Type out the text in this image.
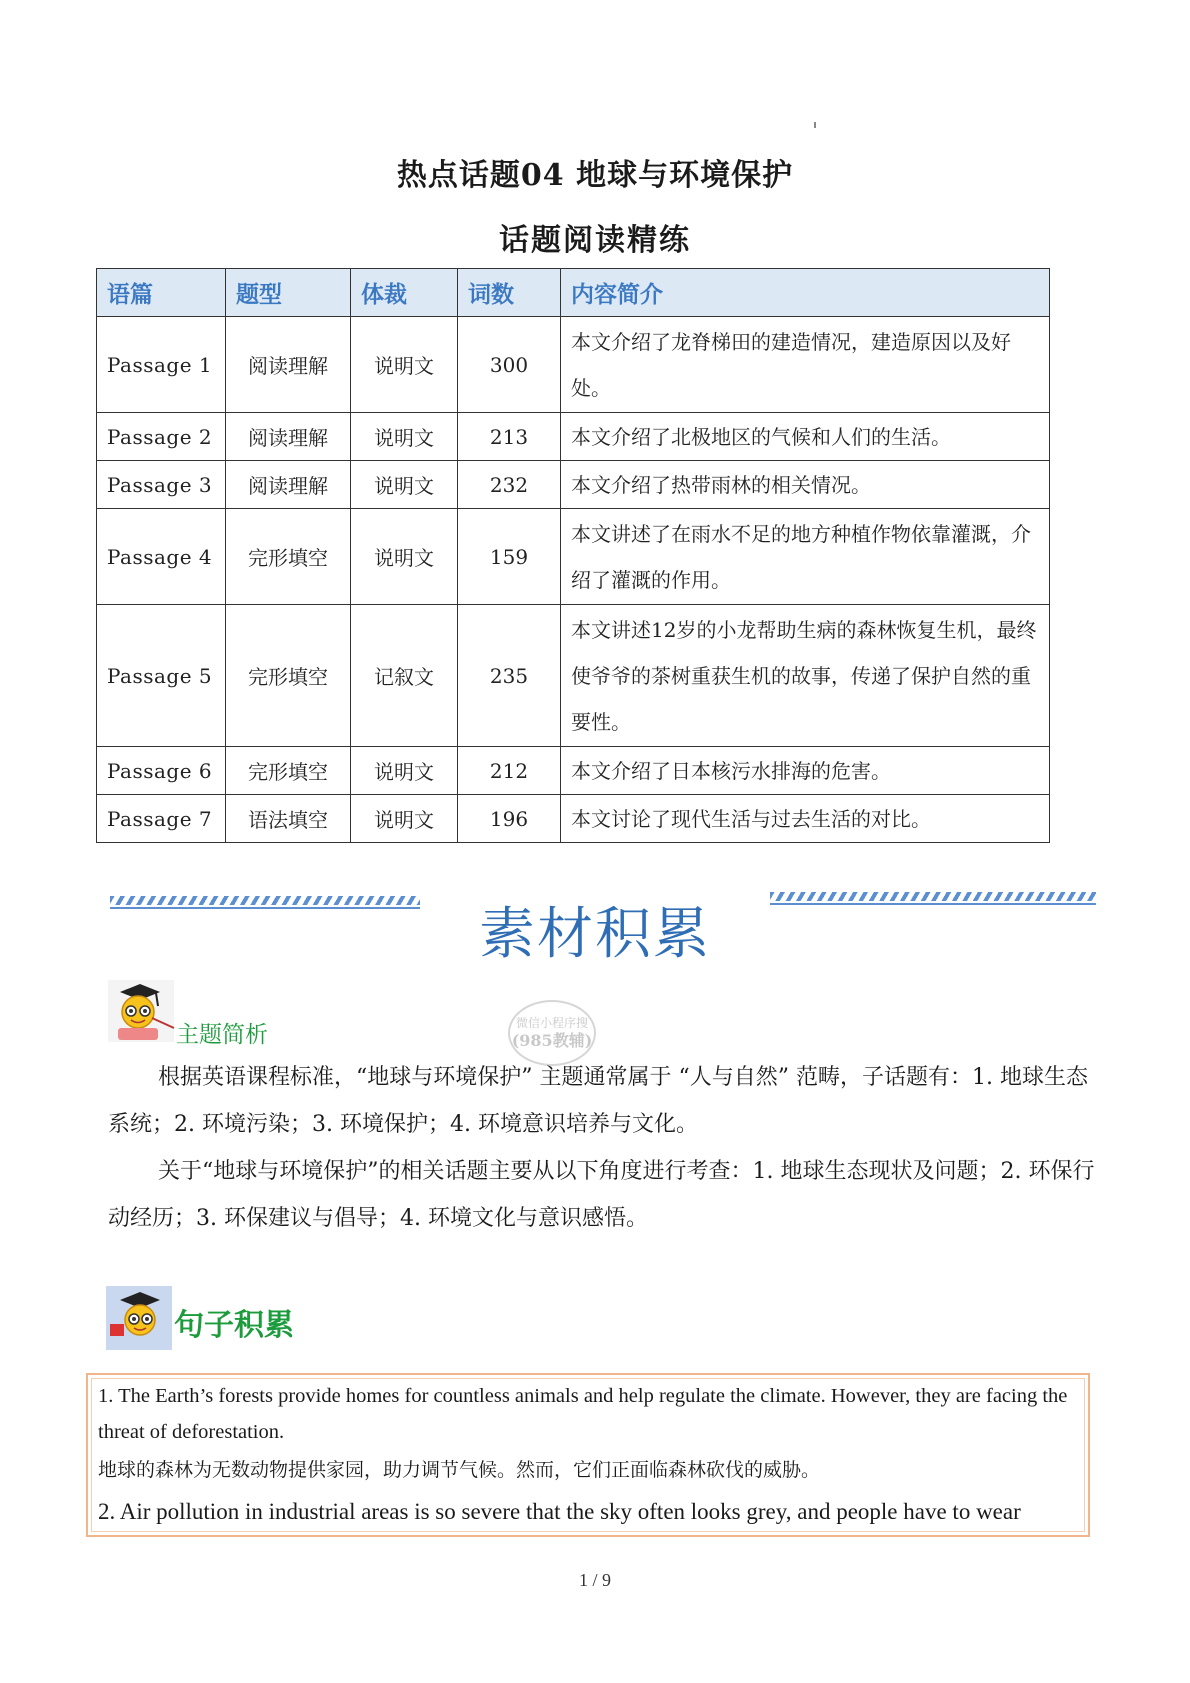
热点话题04 地球与环境保护
话题阅读精练
语篇	题型	体裁	词数	内容简介
Passage 1	阅读理解	说明文	300	本文介绍了龙脊梯田的建造情况，建造原因以及好处。
Passage 2	阅读理解	说明文	213	本文介绍了北极地区的气候和人们的生活。
Passage 3	阅读理解	说明文	232	本文介绍了热带雨林的相关情况。
Passage 4	完形填空	说明文	159	本文讲述了在雨水不足的地方种植作物依靠灌溉，介绍了灌溉的作用。
Passage 5	完形填空	记叙文	235	本文讲述12岁的小龙帮助生病的森林恢复生机，最终使爷爷的茶树重获生机的故事，传递了保护自然的重要性。
Passage 6	完形填空	说明文	212	本文介绍了日本核污水排海的危害。
Passage 7	语法填空	说明文	196	本文讨论了现代生活与过去生活的对比。
素材积累
主题简析	微信小程序搜
(985教辅)
根据英语课程标准，“地球与环境保护” 主题通常属于 “人与自然” 范畴，子话题有：1. 地球生态系统；2. 环境污染；3. 环境保护；4. 环境意识培养与文化。
关于“地球与环境保护”的相关话题主要从以下角度进行考查：1. 地球生态现状及问题；2. 环保行动经历；3. 环保建议与倡导；4. 环境文化与意识感悟。
句子积累
1. The Earth’s forests provide homes for countless animals and help regulate the climate. However, they are facing the threat of deforestation.
地球的森林为无数动物提供家园，助力调节气候。然而，它们正面临森林砍伐的威胁。
2. Air pollution in industrial areas is so severe that the sky often looks grey, and people have to wear
1 / 9
